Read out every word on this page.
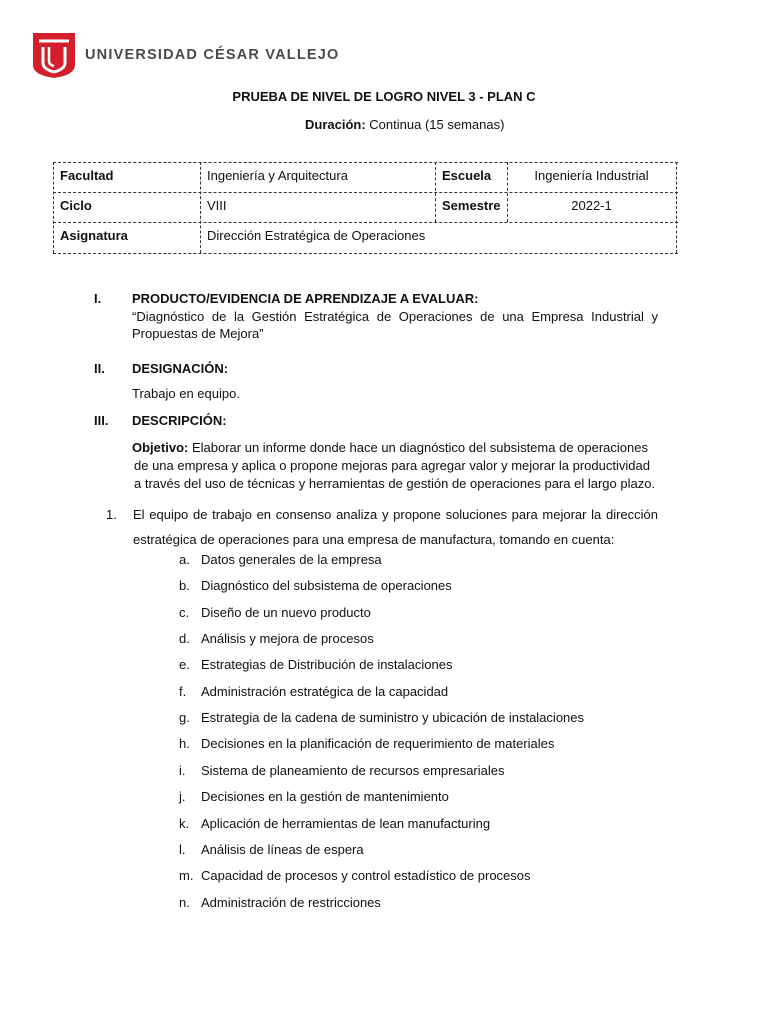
UNIVERSIDAD CÉSAR VALLEJO
PRUEBA DE NIVEL DE LOGRO NIVEL 3 - PLAN C
Duración: Continua (15 semanas)
Facultad	Ingeniería y Arquitectura	Escuela	Ingeniería Industrial
Ciclo	VIII	Semestre	2022-1
Asignatura	Dirección Estratégica de Operaciones
I. PRODUCTO/EVIDENCIA DE APRENDIZAJE A EVALUAR:
“Diagnóstico de la Gestión Estratégica de Operaciones de una Empresa Industrial y Propuestas de Mejora”
II. DESIGNACIÓN:
Trabajo en equipo.
III. DESCRIPCIÓN:
Objetivo: Elaborar un informe donde hace un diagnóstico del subsistema de operaciones
de una empresa y aplica o propone mejoras para agregar valor y mejorar la productividad
a través del uso de técnicas y herramientas de gestión de operaciones para el largo plazo.
1. El equipo de trabajo en consenso analiza y propone soluciones para mejorar la dirección estratégica de operaciones para una empresa de manufactura, tomando en cuenta:
a. Datos generales de la empresa
b. Diagnóstico del subsistema de operaciones
c. Diseño de un nuevo producto
d. Análisis y mejora de procesos
e. Estrategias de Distribución de instalaciones
f. Administración estratégica de la capacidad
g. Estrategia de la cadena de suministro y ubicación de instalaciones
h. Decisiones en la planificación de requerimiento de materiales
i. Sistema de planeamiento de recursos empresariales
j. Decisiones en la gestión de mantenimiento
k. Aplicación de herramientas de lean manufacturing
l. Análisis de líneas de espera
m. Capacidad de procesos y control estadístico de procesos
n. Administración de restricciones
